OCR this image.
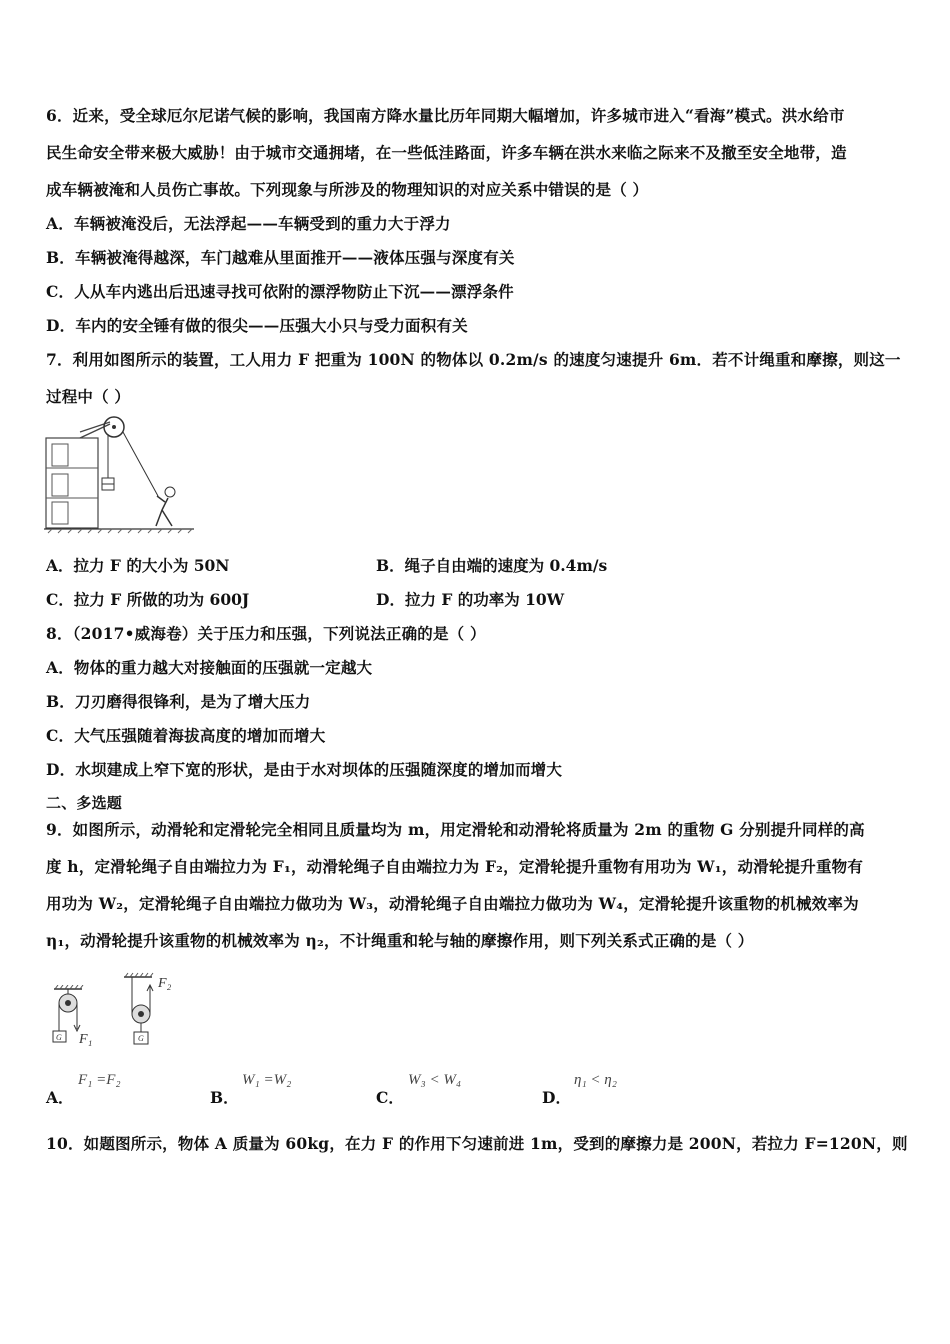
6．近来，受全球厄尔尼诺气候的影响，我国南方降水量比历年同期大幅增加，许多城市进入“看海”模式。洪水给市
民生命安全带来极大威胁！由于城市交通拥堵，在一些低洼路面，许多车辆在洪水来临之际来不及撤至安全地带，造
成车辆被淹和人员伤亡事故。下列现象与所涉及的物理知识的对应关系中错误的是（ ）
A．车辆被淹没后，无法浮起——车辆受到的重力大于浮力
B．车辆被淹得越深，车门越难从里面推开——液体压强与深度有关
C．人从车内逃出后迅速寻找可依附的漂浮物防止下沉——漂浮条件
D．车内的安全锤有做的很尖——压强大小只与受力面积有关
7．利用如图所示的装置，工人用力 F 把重为 100N 的物体以 0.2m/s 的速度匀速提升 6m．若不计绳重和摩擦，则这一
过程中（ ）
A．拉力 F 的大小为 50N	B．绳子自由端的速度为 0.4m/s
C．拉力 F 所做的功为 600J	D．拉力 F 的功率为 10W
8．（2017•威海卷）关于压力和压强，下列说法正确的是（ ）
A．物体的重力越大对接触面的压强就一定越大
B．刀刃磨得很锋利，是为了增大压力
C．大气压强随着海拔高度的增加而增大
D．水坝建成上窄下宽的形状，是由于水对坝体的压强随深度的增加而增大
二、多选题
9．如图所示，动滑轮和定滑轮完全相同且质量均为 m，用定滑轮和动滑轮将质量为 2m 的重物 G 分别提升同样的高
度 h，定滑轮绳子自由端拉力为 F₁，动滑轮绳子自由端拉力为 F₂，定滑轮提升重物有用功为 W₁，动滑轮提升重物有
用功为 W₂，定滑轮绳子自由端拉力做功为 W₃，动滑轮绳子自由端拉力做功为 W₄，定滑轮提升该重物的机械效率为
η₁，动滑轮提升该重物的机械效率为 η₂，不计绳重和轮与轴的摩擦作用，则下列关系式正确的是（ ）
G F₁	G
F₂
A．
F₁ =F₂
B．
W₁ =W₂
C．
W₃ < W₄
D．
η₁ < η₂
10．如题图所示，物体 A 质量为 60kg，在力 F 的作用下匀速前进 1m，受到的摩擦力是 200N，若拉力 F=120N，则
